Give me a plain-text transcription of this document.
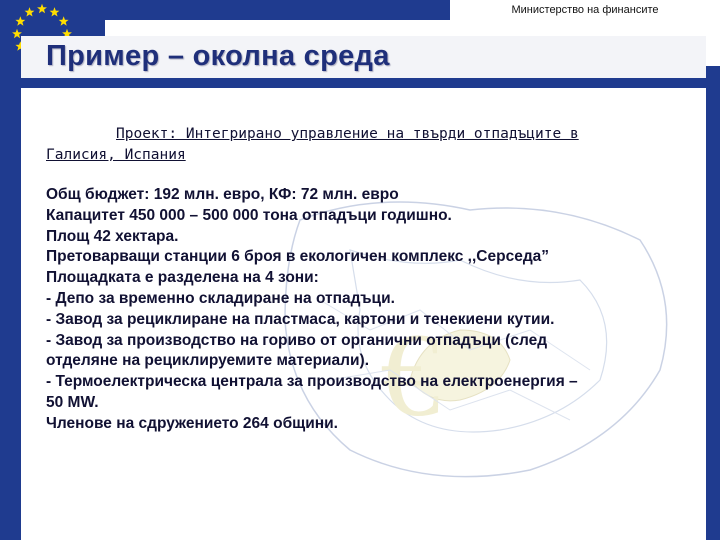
Министерство на финансите
Пример – околна среда
€
Проект: Интегрирано управление на твърди отпадъците в
Галисия, Испания
Общ бюджет: 192 млн. евро, КФ: 72 млн. евро
Капацитет 450 000 – 500 000 тона отпадъци годишно.
Площ 42 хектара.
Претоварващи станции 6 броя в екологичен комплекс ,,Серседа”
Площадката е разделена на 4 зони:
- Депо за временно складиране на отпадъци.
- Завод за рециклиране на пластмаса, картони и тенекиени кутии.
- Завод за производство на гориво от органични отпадъци (след
отделяне на рециклируемите материали).
- Термоелектрическа централа за производство на електроенергия –
50 MW.
Членове на сдружението 264 общини.
